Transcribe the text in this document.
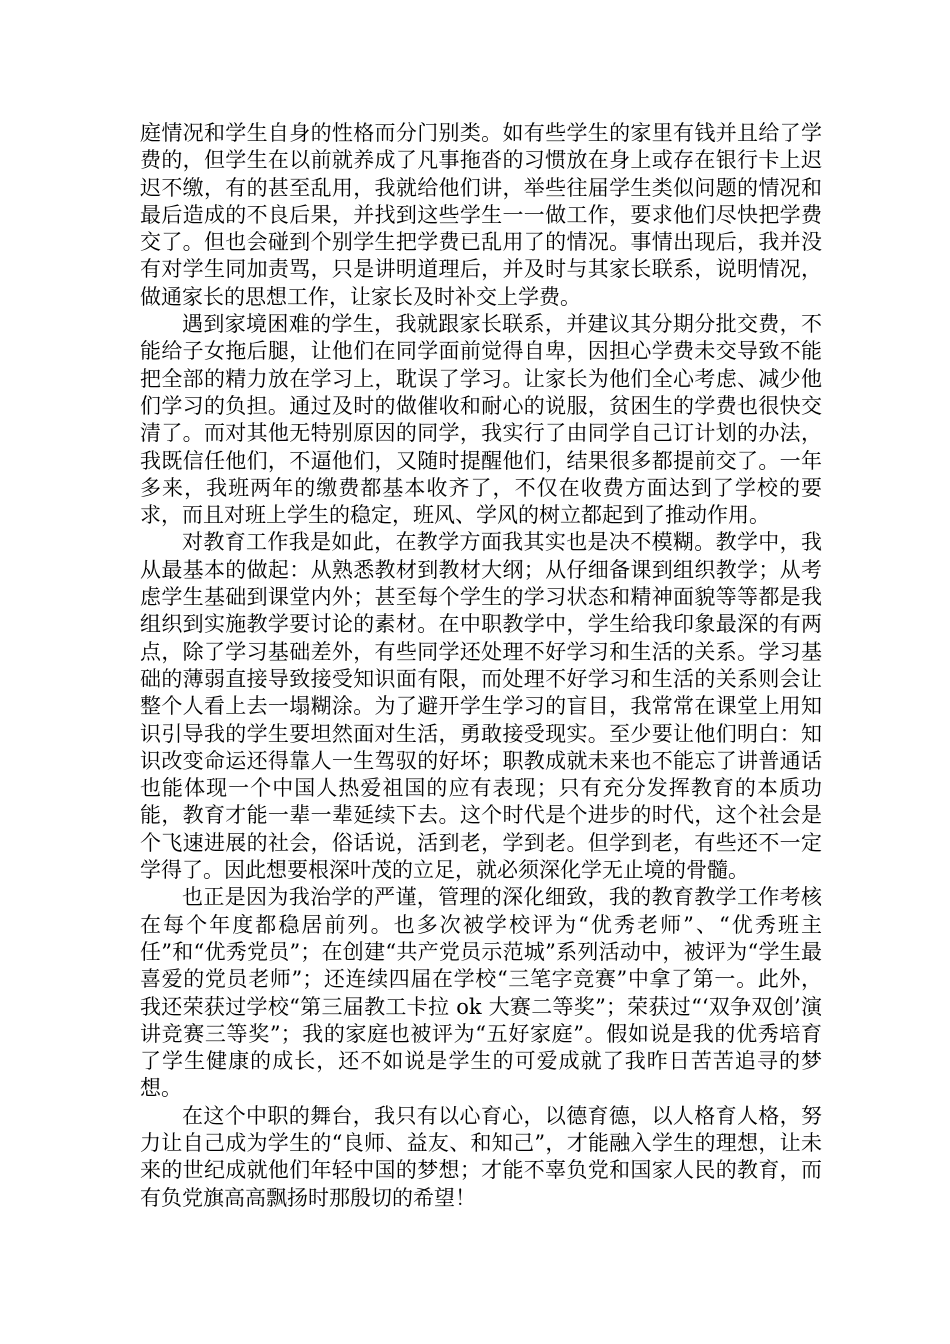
庭情况和学生自身的性格而分门别类。如有些学生的家里有钱并且给了学费的，但学生在以前就养成了凡事拖沓的习惯放在身上或存在银行卡上迟迟不缴，有的甚至乱用，我就给他们讲，举些往届学生类似问题的情况和最后造成的不良后果，并找到这些学生一一做工作，要求他们尽快把学费交了。但也会碰到个别学生把学费已乱用了的情况。事情出现后，我并没有对学生同加责骂，只是讲明道理后，并及时与其家长联系，说明情况，做通家长的思想工作，让家长及时补交上学费。

遇到家境困难的学生，我就跟家长联系，并建议其分期分批交费，不能给子女拖后腿，让他们在同学面前觉得自卑，因担心学费未交导致不能把全部的精力放在学习上，耽误了学习。让家长为他们全心考虑、减少他们学习的负担。通过及时的做催收和耐心的说服，贫困生的学费也很快交清了。而对其他无特别原因的同学，我实行了由同学自己订计划的办法，我既信任他们，不逼他们，又随时提醒他们，结果很多都提前交了。一年多来，我班两年的缴费都基本收齐了，不仅在收费方面达到了学校的要求，而且对班上学生的稳定，班风、学风的树立都起到了推动作用。

对教育工作我是如此，在教学方面我其实也是决不模糊。教学中，我从最基本的做起：从熟悉教材到教材大纲；从仔细备课到组织教学；从考虑学生基础到课堂内外；甚至每个学生的学习状态和精神面貌等等都是我组织到实施教学要讨论的素材。在中职教学中，学生给我印象最深的有两点，除了学习基础差外，有些同学还处理不好学习和生活的关系。学习基础的薄弱直接导致接受知识面有限，而处理不好学习和生活的关系则会让整个人看上去一塌糊涂。为了避开学生学习的盲目，我常常在课堂上用知识引导我的学生要坦然面对生活，勇敢接受现实。至少要让他们明白：知识改变命运还得靠人一生驾驭的好坏；职教成就未来也不能忘了讲普通话也能体现一个中国人热爱祖国的应有表现；只有充分发挥教育的本质功能，教育才能一辈一辈延续下去。这个时代是个进步的时代，这个社会是个飞速进展的社会，俗话说，活到老，学到老。但学到老，有些还不一定学得了。因此想要根深叶茂的立足，就必须深化学无止境的骨髓。

也正是因为我治学的严谨，管理的深化细致，我的教育教学工作考核在每个年度都稳居前列。也多次被学校评为“优秀老师”、“优秀班主任”和“优秀党员”；在创建“共产党员示范城”系列活动中，被评为“学生最喜爱的党员老师”；还连续四届在学校“三笔字竞赛”中拿了第一。此外，我还荣获过学校“第三届教工卡拉 ok 大赛二等奖”；荣获过“‘双争双创’演讲竞赛三等奖”；我的家庭也被评为“五好家庭”。假如说是我的优秀培育了学生健康的成长，还不如说是学生的可爱成就了我昨日苦苦追寻的梦想。

在这个中职的舞台，我只有以心育心，以德育德，以人格育人格，努力让自己成为学生的“良师、益友、和知己”，才能融入学生的理想，让未来的世纪成就他们年轻中国的梦想；才能不辜负党和国家人民的教育，而有负党旗高高飘扬时那殷切的希望！
